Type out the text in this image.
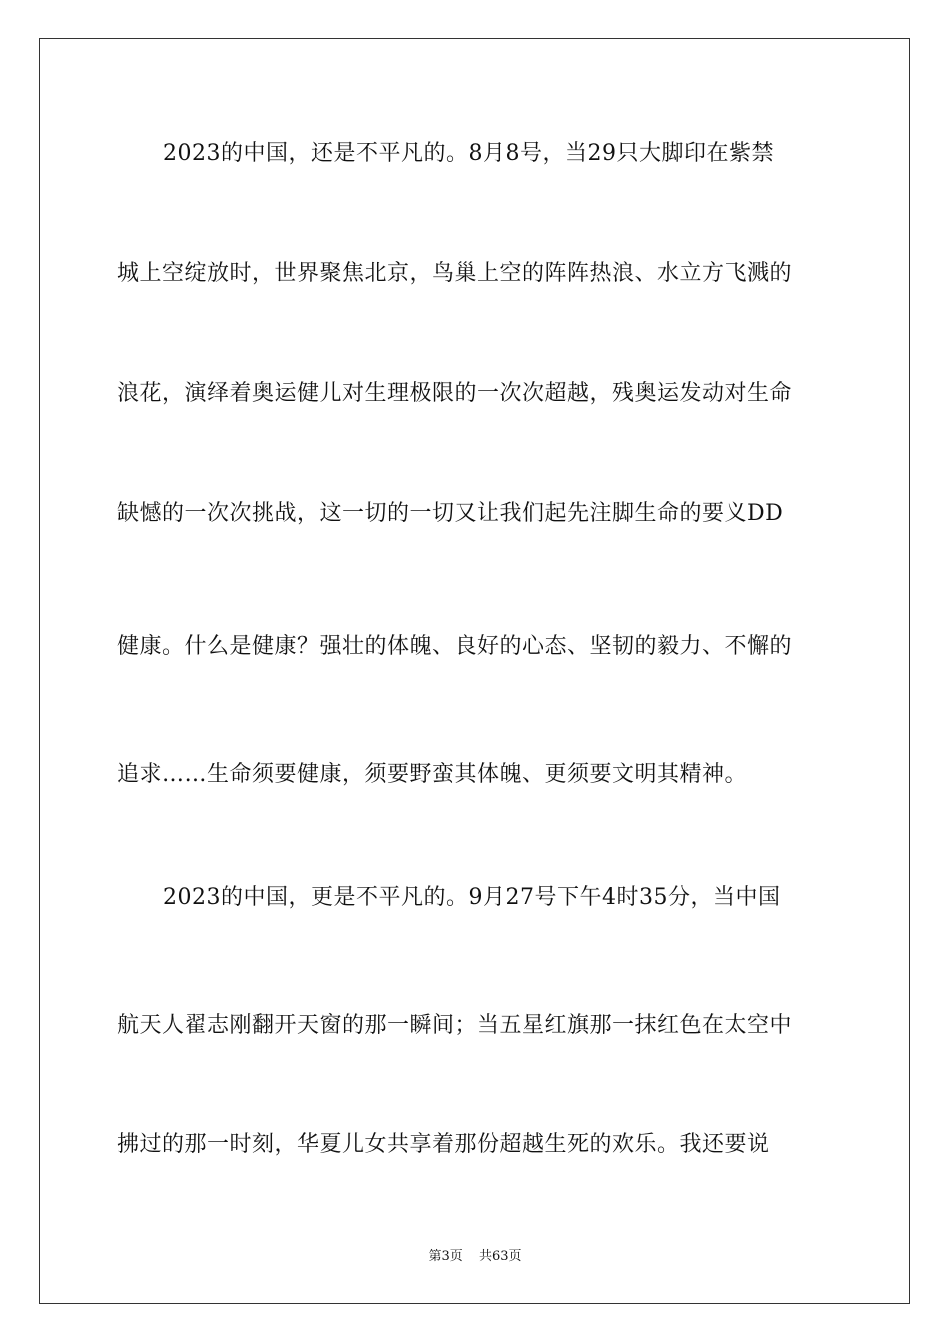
2023的中国，还是不平凡的。8月8号，当29只大脚印在紫禁
城上空绽放时，世界聚焦北京，鸟巢上空的阵阵热浪、水立方飞溅的
浪花，演绎着奥运健儿对生理极限的一次次超越，残奥运发动对生命
缺憾的一次次挑战，这一切的一切又让我们起先注脚生命的要义DD
健康。什么是健康？强壮的体魄、良好的心态、坚韧的毅力、不懈的
追求……生命须要健康，须要野蛮其体魄、更须要文明其精神。
2023的中国，更是不平凡的。9月27号下午4时35分，当中国
航天人翟志刚翻开天窗的那一瞬间；当五星红旗那一抹红色在太空中
拂过的那一时刻，华夏儿女共享着那份超越生死的欢乐。我还要说
第3页 共63页
